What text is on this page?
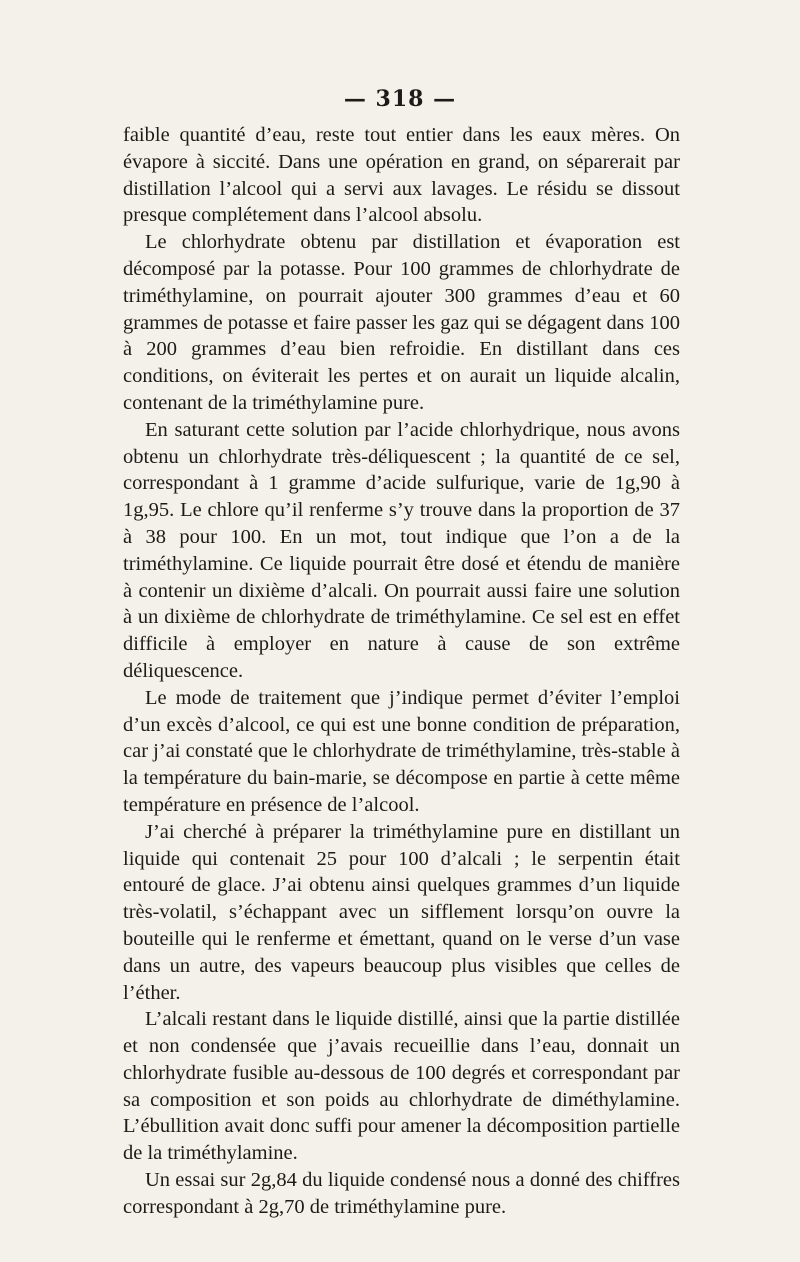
— 318 —

faible quantité d’eau, reste tout entier dans les eaux mères. On évapore à siccité. Dans une opération en grand, on séparerait par distillation l’alcool qui a servi aux lavages. Le résidu se dissout presque complétement dans l’alcool absolu.

Le chlorhydrate obtenu par distillation et évaporation est décomposé par la potasse. Pour 100 grammes de chlorhydrate de triméthylamine, on pourrait ajouter 300 grammes d’eau et 60 grammes de potasse et faire passer les gaz qui se dégagent dans 100 à 200 grammes d’eau bien refroidie. En distillant dans ces conditions, on éviterait les pertes et on aurait un liquide alcalin, contenant de la triméthylamine pure.

En saturant cette solution par l’acide chlorhydrique, nous avons obtenu un chlorhydrate très-déliquescent ; la quantité de ce sel, correspondant à 1 gramme d’acide sulfurique, varie de 1g,90 à 1g,95. Le chlore qu’il renferme s’y trouve dans la proportion de 37 à 38 pour 100. En un mot, tout indique que l’on a de la triméthylamine. Ce liquide pourrait être dosé et étendu de manière à contenir un dixième d’alcali. On pourrait aussi faire une solution à un dixième de chlorhydrate de triméthylamine. Ce sel est en effet difficile à employer en nature à cause de son extrême déliquescence.

Le mode de traitement que j’indique permet d’éviter l’emploi d’un excès d’alcool, ce qui est une bonne condition de préparation, car j’ai constaté que le chlorhydrate de triméthylamine, très-stable à la température du bain-marie, se décompose en partie à cette même température en présence de l’alcool.

J’ai cherché à préparer la triméthylamine pure en distillant un liquide qui contenait 25 pour 100 d’alcali ; le serpentin était entouré de glace. J’ai obtenu ainsi quelques grammes d’un liquide très-volatil, s’échappant avec un sifflement lorsqu’on ouvre la bouteille qui le renferme et émettant, quand on le verse d’un vase dans un autre, des vapeurs beaucoup plus visibles que celles de l’éther.

L’alcali restant dans le liquide distillé, ainsi que la partie distillée et non condensée que j’avais recueillie dans l’eau, donnait un chlorhydrate fusible au-dessous de 100 degrés et correspondant par sa composition et son poids au chlorhydrate de diméthylamine. L’ébullition avait donc suffi pour amener la décomposition partielle de la triméthylamine.

Un essai sur 2g,84 du liquide condensé nous a donné des chiffres correspondant à 2g,70 de triméthylamine pure.
